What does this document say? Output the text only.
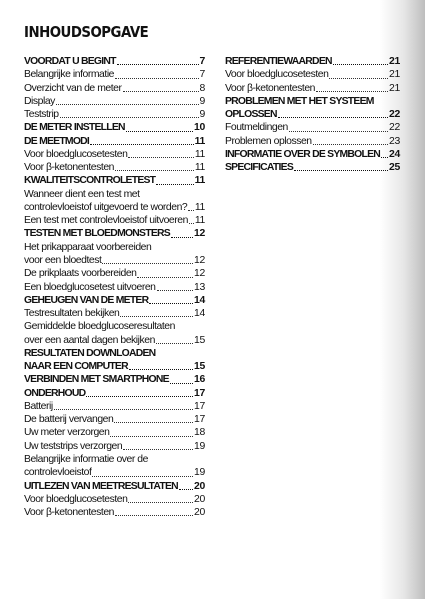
INHOUDSOPGAVE
VOORDAT U BEGINT	7
Belangrijke informatie	7
Overzicht van de meter	8
Display	9
Teststrip	9
DE METER INSTELLEN	10
DE MEETMODI	11
Voor bloedglucosetesten	11
Voor β-ketonentesten	11
KWALITEITSCONTROLETEST	11
Wanneer dient een test met
controlevloeistof uitgevoerd te worden? 11
Een test met controlevloeistof uitvoeren 11
TESTEN MET BLOEDMONSTERS 12
Het prikapparaat voorbereiden
voor een bloedtest	12
De prikplaats voorbereiden	12
Een bloedglucosetest uitvoeren	13
GEHEUGEN VAN DE METER	14
Testresultaten bekijken	14
Gemiddelde bloedglucoseresultaten
over een aantal dagen bekijken	15
RESULTATEN DOWNLOADEN
NAAR EEN COMPUTER	15
VERBINDEN MET SMARTPHONE 16
ONDERHOUD	17
Batterij	17
De batterij vervangen	17
Uw meter verzorgen	18
Uw teststrips verzorgen	19
Belangrijke informatie over de
controlevloeistof	19
UITLEZEN VAN MEETRESULTATEN 20
Voor bloedglucosetesten	20
Voor β-ketonentesten	20
REFERENTIEWAARDEN	21
Voor bloedglucosetesten	21
Voor β-ketonentesten	21
PROBLEMEN MET HET SYSTEEM
OPLOSSEN	22
Foutmeldingen	22
Problemen oplossen	23
INFORMATIE OVER DE SYMBOLEN 24
SPECIFICATIES	25
